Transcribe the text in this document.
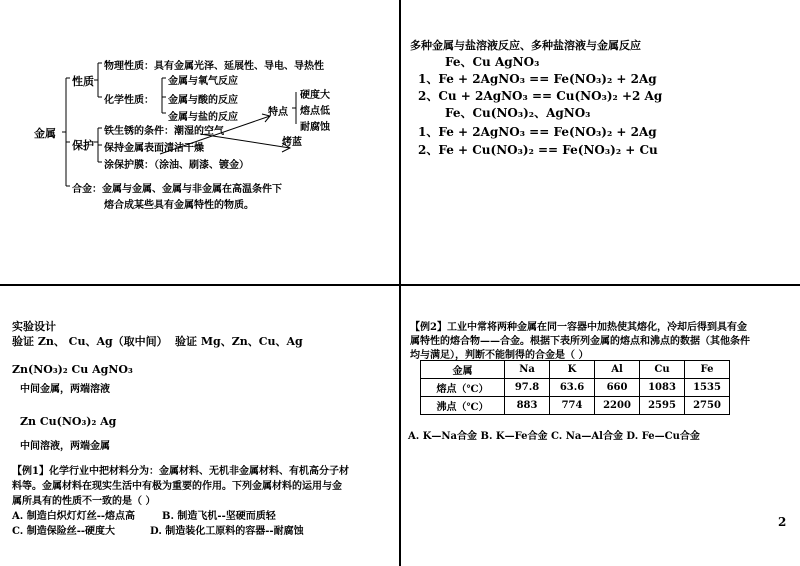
金属
性质
保护
物理性质：具有金属光泽、延展性、导电、导热性
化学性质：
金属与氧气反应
金属与酸的反应
金属与盐的反应	特点
硬度大
熔点低
耐腐蚀
铁生锈的条件：潮湿的空气
保持金属表面清洁干燥
涂保护膜：（涂油、刷漆、镀金）
烤蓝
合金：金属与金属、金属与非金属在高温条件下
熔合成某些具有金属特性的物质。
多种金属与盐溶液反应、多种盐溶液与金属反应
Fe、Cu AgNO₃
1、Fe + 2AgNO₃ == Fe(NO₃)₂ + 2Ag
2、Cu + 2AgNO₃ == Cu(NO₃)₂ +2 Ag
Fe、Cu(NO₃)₂、AgNO₃
1、Fe + 2AgNO₃ == Fe(NO₃)₂ + 2Ag
2、Fe + Cu(NO₃)₂ == Fe(NO₃)₂ + Cu
实验设计
验证 Zn、 Cu、Ag（取中间） 验证 Mg、Zn、Cu、Ag
Zn(NO₃)₂ Cu AgNO₃
中间金属，两端溶液
Zn Cu(NO₃)₂ Ag
中间溶液，两端金属
【例1】化学行业中把材料分为：金属材料、无机非金属材料、有机高分子材
料等。金属材料在现实生活中有极为重要的作用。下列金属材料的运用与金
属所具有的性质不一致的是（ ）
A. 制造白炽灯灯丝--熔点高	B. 制造飞机--坚硬而质轻
C. 制造保险丝--硬度大	D. 制造装化工原料的容器--耐腐蚀
【例2】工业中常将两种金属在同一容器中加热使其熔化，冷却后得到具有金
属特性的熔合物——合金。根据下表所列金属的熔点和沸点的数据（其他条件
均与满足），判断不能制得的合金是（ ）
金属	Na	K	Al	Cu	Fe
熔点（℃）	97.8	63.6	660	1083	1535
沸点（℃）	883	774	2200	2595	2750
A. K—Na合金 B. K—Fe合金 C. Na—Al合金 D. Fe—Cu合金
2
